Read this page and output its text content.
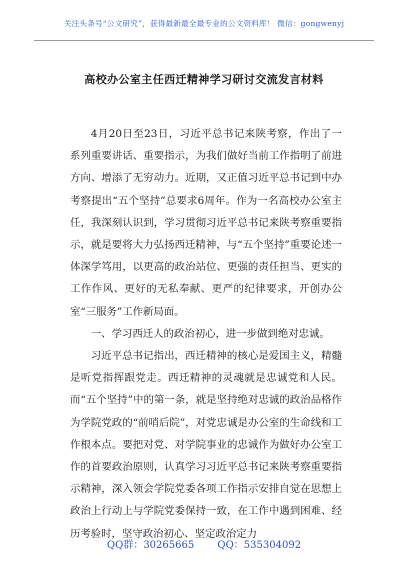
关注头条号“公文研究”，获得最新最全最专业的公文资料库！ 微信：gongwenyj
高校办公室主任西迁精神学习研讨交流发言材料

4月20日至23日，习近平总书记来陕考察，作出了一系列重要讲话、重要指示，为我们做好当前工作指明了前进方向、增添了无穷动力。近期，又正值习近平总书记到中办考察提出“五个坚持”总要求6周年。作为一名高校办公室主任，我深刻认识到，学习贯彻习近平总书记来陕考察重要指示，就是要将大力弘扬西迁精神，与“五个坚持”重要论述一体深学笃用，以更高的政治站位、更强的责任担当、更实的工作作风、更好的无私奉献、更严的纪律要求，开创办公室“三服务”工作新局面。

一、学习西迁人的政治初心，进一步做到绝对忠诚。

习近平总书记指出，西迁精神的核心是爱国主义，精髓是听党指挥跟党走。西迁精神的灵魂就是忠诚党和人民。而“五个坚持”中的第一条，就是坚持绝对忠诚的政治品格作为学院党政的“前哨后院”，对党忠诚是办公室的生命线和工作根本点。要把对党、对学院事业的忠诚作为做好办公室工作的首要政治原则，认真学习习近平总书记来陕考察重要指示精神，深入领会学院党委各项工作指示安排自觉在思想上政治上行动上与学院党委保持一致，在工作中遇到困难、经历考验时，坚守政治初心、坚定政治定力

QQ群：30265665 QQ：535304092
